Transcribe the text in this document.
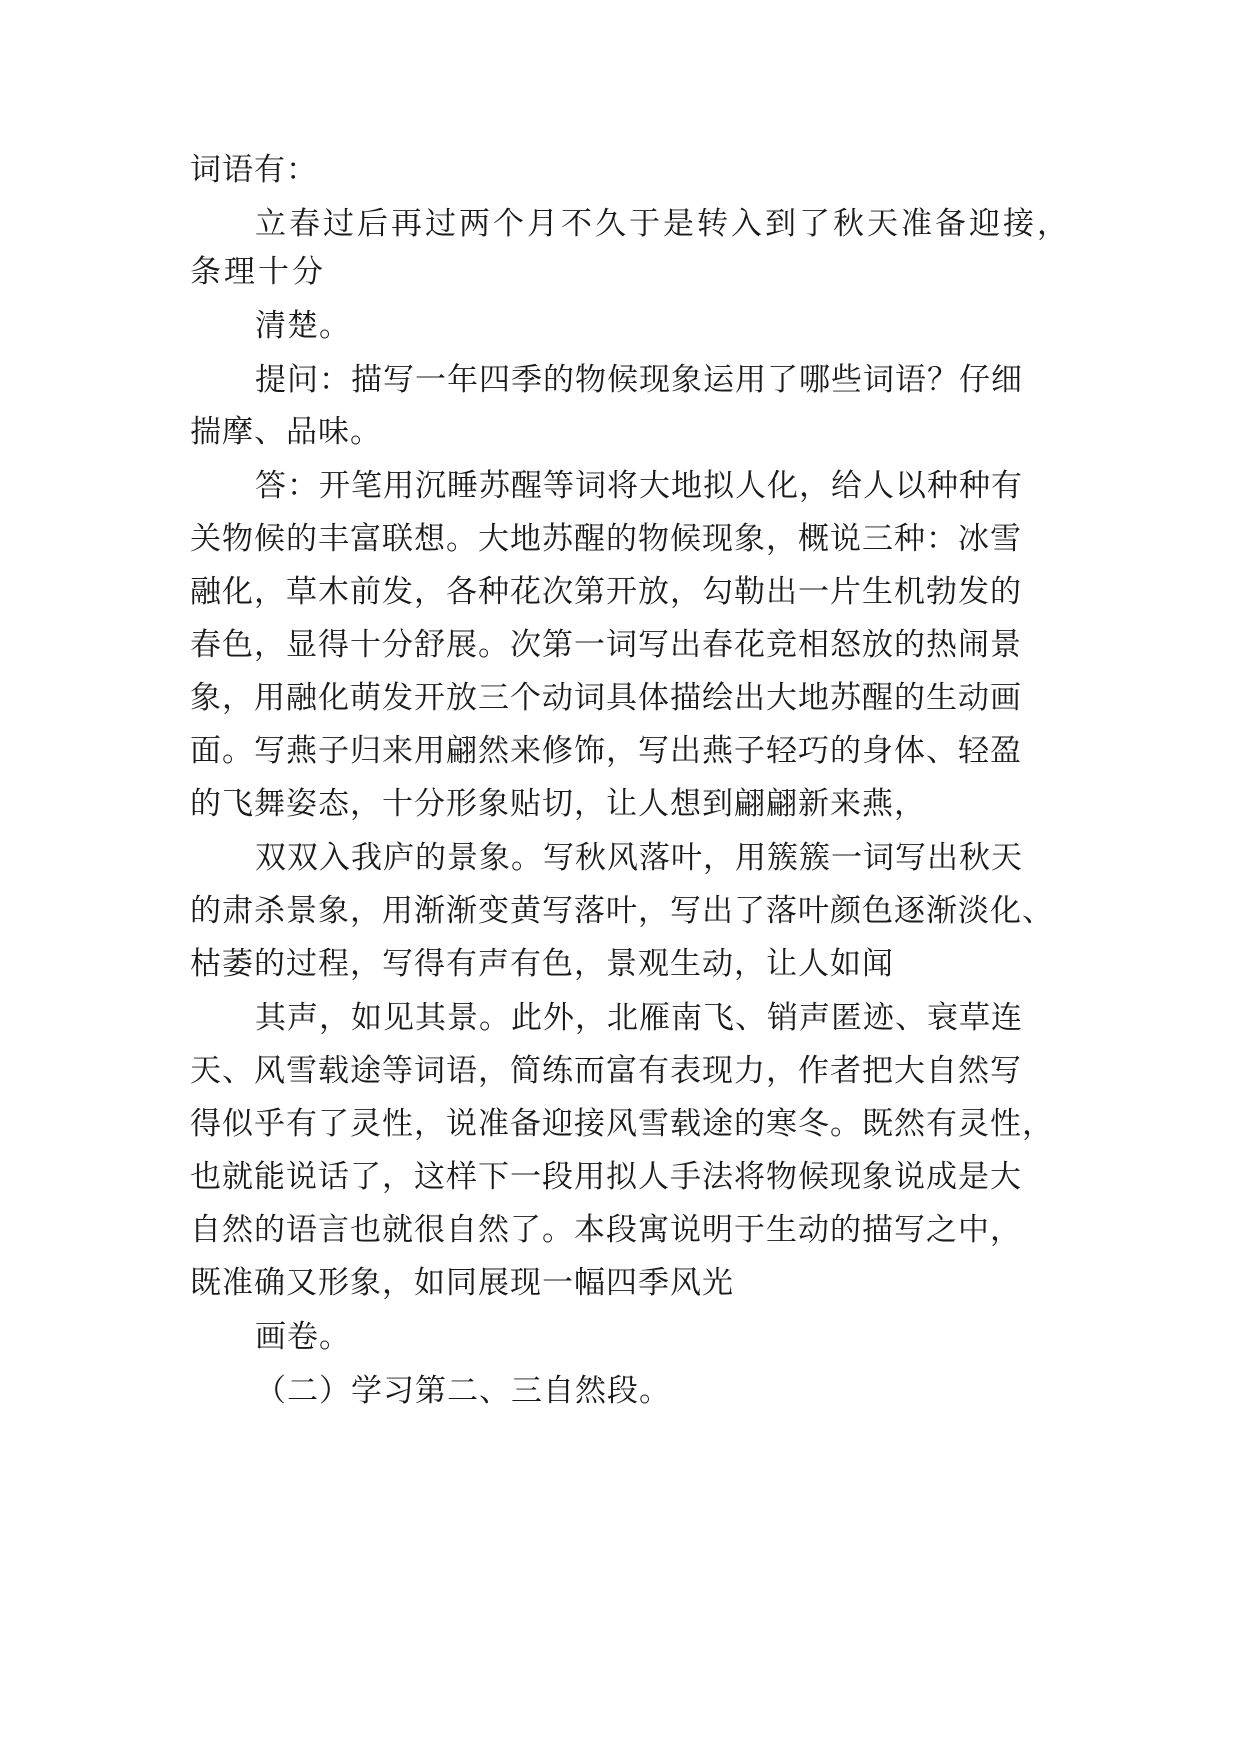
词语有：
立春过后再过两个月不久于是转入到了秋天准备迎接，
条理十分
清楚。
提问：描写一年四季的物候现象运用了哪些词语？仔细
揣摩、品味。
答：开笔用沉睡苏醒等词将大地拟人化，给人以种种有
关物候的丰富联想。大地苏醒的物候现象，概说三种：冰雪
融化，草木前发，各种花次第开放，勾勒出一片生机勃发的
春色，显得十分舒展。次第一词写出春花竞相怒放的热闹景
象，用融化萌发开放三个动词具体描绘出大地苏醒的生动画
面。写燕子归来用翩然来修饰，写出燕子轻巧的身体、轻盈
的飞舞姿态，十分形象贴切，让人想到翩翩新来燕，
双双入我庐的景象。写秋风落叶，用簇簇一词写出秋天
的肃杀景象，用渐渐变黄写落叶，写出了落叶颜色逐渐淡化、
枯萎的过程，写得有声有色，景观生动，让人如闻
其声，如见其景。此外，北雁南飞、销声匿迹、衰草连
天、风雪载途等词语，简练而富有表现力，作者把大自然写
得似乎有了灵性，说准备迎接风雪载途的寒冬。既然有灵性，
也就能说话了，这样下一段用拟人手法将物候现象说成是大
自然的语言也就很自然了。本段寓说明于生动的描写之中，
既准确又形象，如同展现一幅四季风光
画卷。
（二）学习第二、三自然段。
